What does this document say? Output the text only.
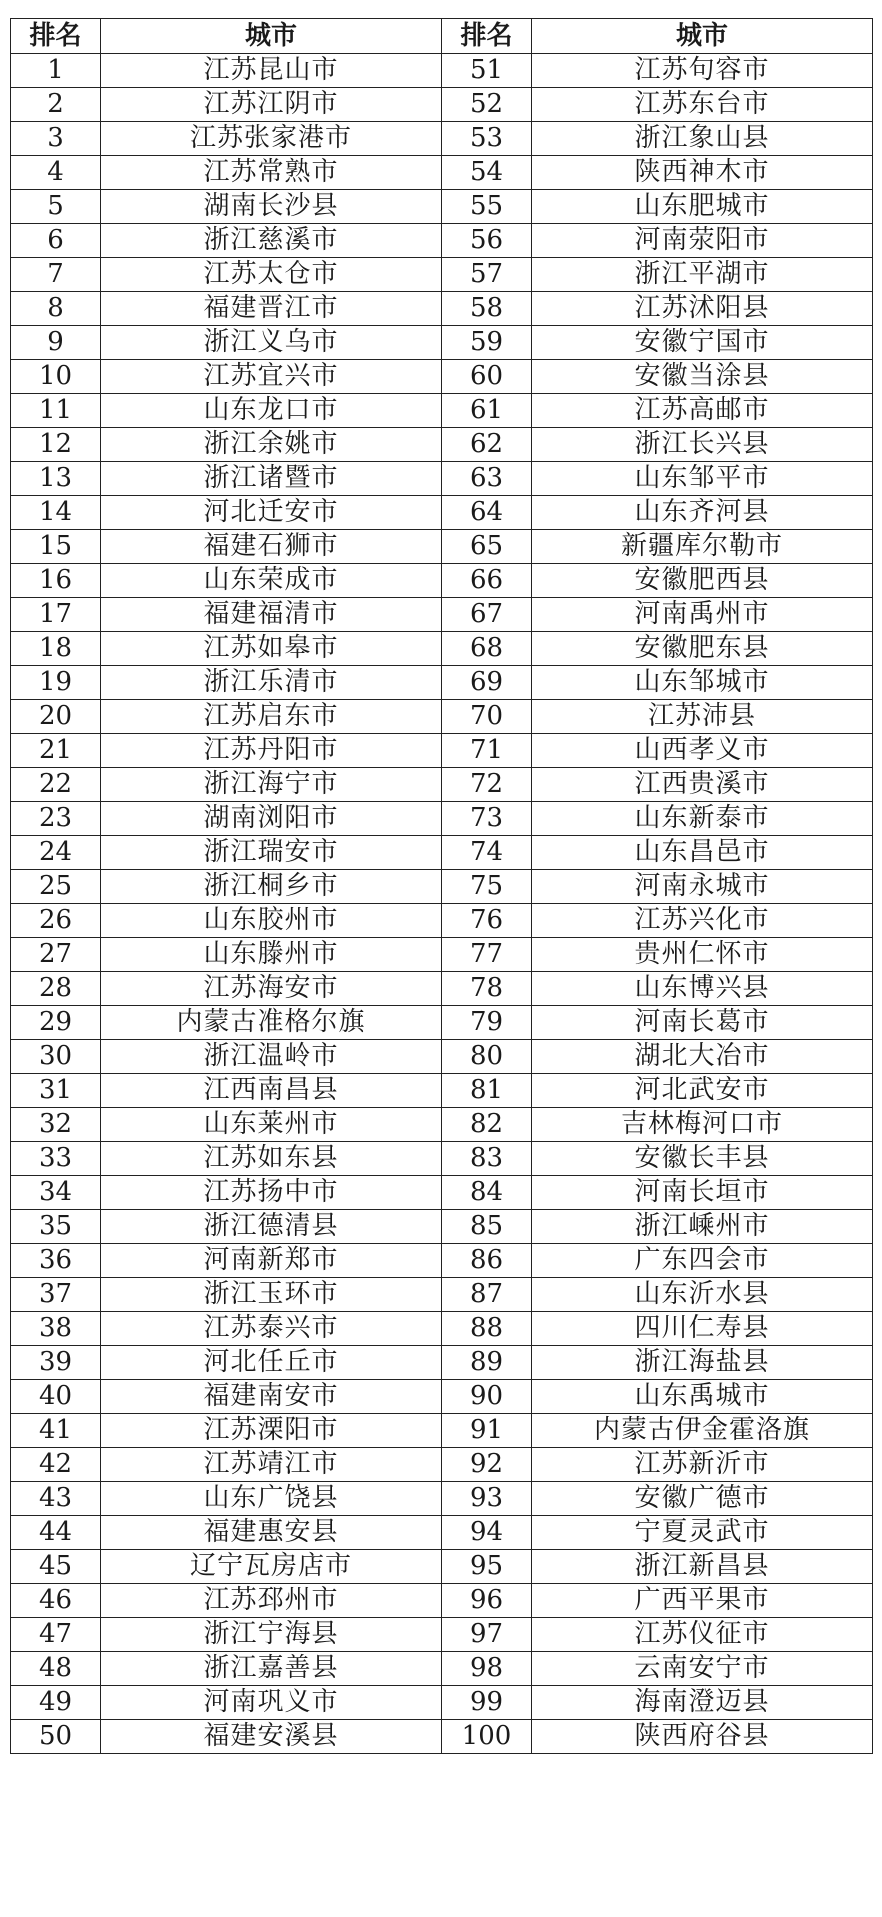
排名	城市	排名	城市
1	江苏昆山市	51	江苏句容市
2	江苏江阴市	52	江苏东台市
3	江苏张家港市	53	浙江象山县
4	江苏常熟市	54	陕西神木市
5	湖南长沙县	55	山东肥城市
6	浙江慈溪市	56	河南荥阳市
7	江苏太仓市	57	浙江平湖市
8	福建晋江市	58	江苏沭阳县
9	浙江义乌市	59	安徽宁国市
10	江苏宜兴市	60	安徽当涂县
11	山东龙口市	61	江苏高邮市
12	浙江余姚市	62	浙江长兴县
13	浙江诸暨市	63	山东邹平市
14	河北迁安市	64	山东齐河县
15	福建石狮市	65	新疆库尔勒市
16	山东荣成市	66	安徽肥西县
17	福建福清市	67	河南禹州市
18	江苏如皋市	68	安徽肥东县
19	浙江乐清市	69	山东邹城市
20	江苏启东市	70	江苏沛县
21	江苏丹阳市	71	山西孝义市
22	浙江海宁市	72	江西贵溪市
23	湖南浏阳市	73	山东新泰市
24	浙江瑞安市	74	山东昌邑市
25	浙江桐乡市	75	河南永城市
26	山东胶州市	76	江苏兴化市
27	山东滕州市	77	贵州仁怀市
28	江苏海安市	78	山东博兴县
29	内蒙古准格尔旗	79	河南长葛市
30	浙江温岭市	80	湖北大冶市
31	江西南昌县	81	河北武安市
32	山东莱州市	82	吉林梅河口市
33	江苏如东县	83	安徽长丰县
34	江苏扬中市	84	河南长垣市
35	浙江德清县	85	浙江嵊州市
36	河南新郑市	86	广东四会市
37	浙江玉环市	87	山东沂水县
38	江苏泰兴市	88	四川仁寿县
39	河北任丘市	89	浙江海盐县
40	福建南安市	90	山东禹城市
41	江苏溧阳市	91	内蒙古伊金霍洛旗
42	江苏靖江市	92	江苏新沂市
43	山东广饶县	93	安徽广德市
44	福建惠安县	94	宁夏灵武市
45	辽宁瓦房店市	95	浙江新昌县
46	江苏邳州市	96	广西平果市
47	浙江宁海县	97	江苏仪征市
48	浙江嘉善县	98	云南安宁市
49	河南巩义市	99	海南澄迈县
50	福建安溪县	100	陕西府谷县
